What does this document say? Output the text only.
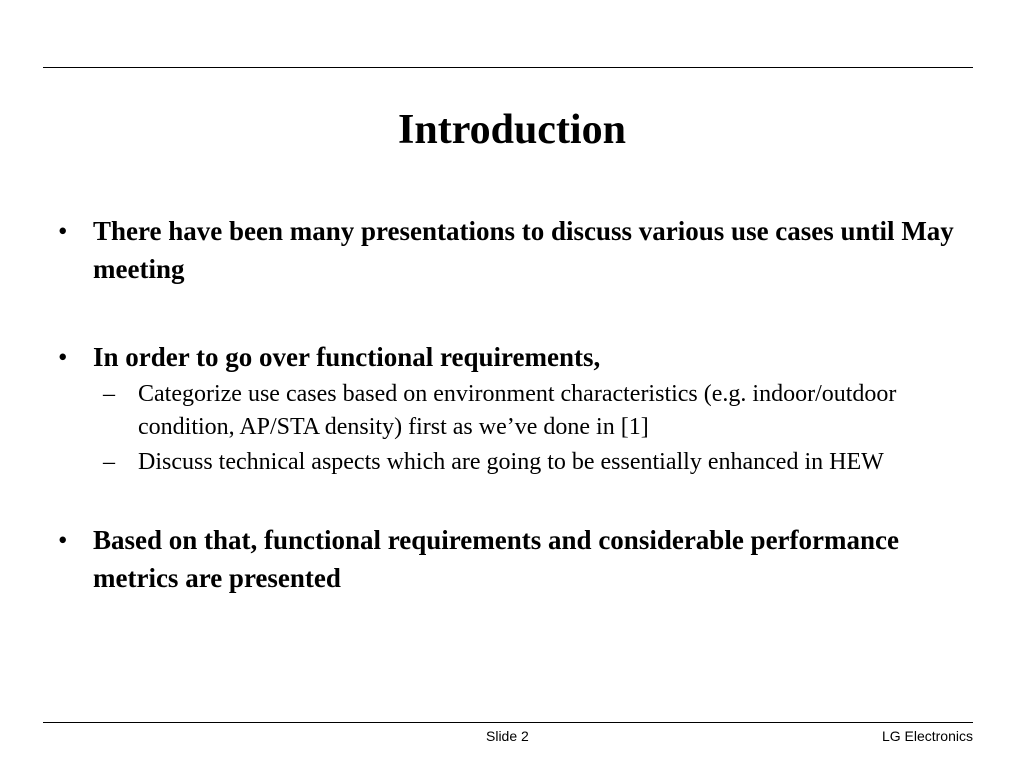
Introduction
• There have been many presentations to discuss various use cases until May meeting
• In order to go over functional requirements,
– Categorize use cases based on environment characteristics (e.g. indoor/outdoor condition, AP/STA density) first as we’ve done in [1]
– Discuss technical aspects which are going to be essentially enhanced in HEW
• Based on that, functional requirements and considerable performance metrics are presented
Slide 2	LG Electronics
